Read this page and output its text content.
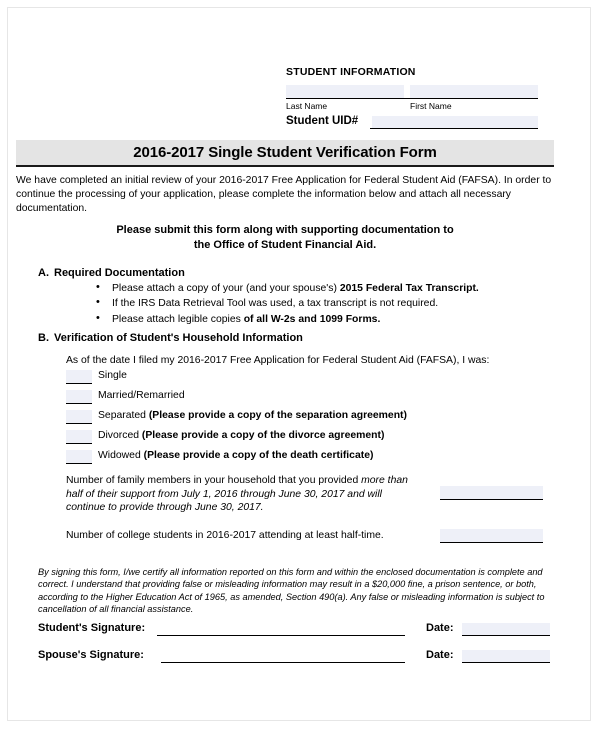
STUDENT INFORMATION
Last Name	First Name
Student UID#
2016-2017 Single Student Verification Form
We have completed an initial review of your 2016-2017 Free Application for Federal Student Aid (FAFSA). In order to continue the processing of your application, please complete the information below and attach all necessary documentation.
Please submit this form along with supporting documentation to
the Office of Student Financial Aid.
A. Required Documentation
• Please attach a copy of your (and your spouse's) 2015 Federal Tax Transcript.
• If the IRS Data Retrieval Tool was used, a tax transcript is not required.
• Please attach legible copies of all W-2s and 1099 Forms.
B. Verification of Student's Household Information
As of the date I filed my 2016-2017 Free Application for Federal Student Aid (FAFSA), I was:
Single
Married/Remarried
Separated (Please provide a copy of the separation agreement)
Divorced (Please provide a copy of the divorce agreement)
Widowed (Please provide a copy of the death certificate)
Number of family members in your household that you provided more than half of their support from July 1, 2016 through June 30, 2017 and will continue to provide through June 30, 2017.
Number of college students in 2016-2017 attending at least half-time.
By signing this form, I/we certify all information reported on this form and within the enclosed documentation is complete and correct. I understand that providing false or misleading information may result in a $20,000 fine, a prison sentence, or both, according to the Higher Education Act of 1965, as amended, Section 490(a). Any false or misleading information is subject to cancellation of all financial assistance.
Student's Signature:	Date:
Spouse's Signature:	Date:
